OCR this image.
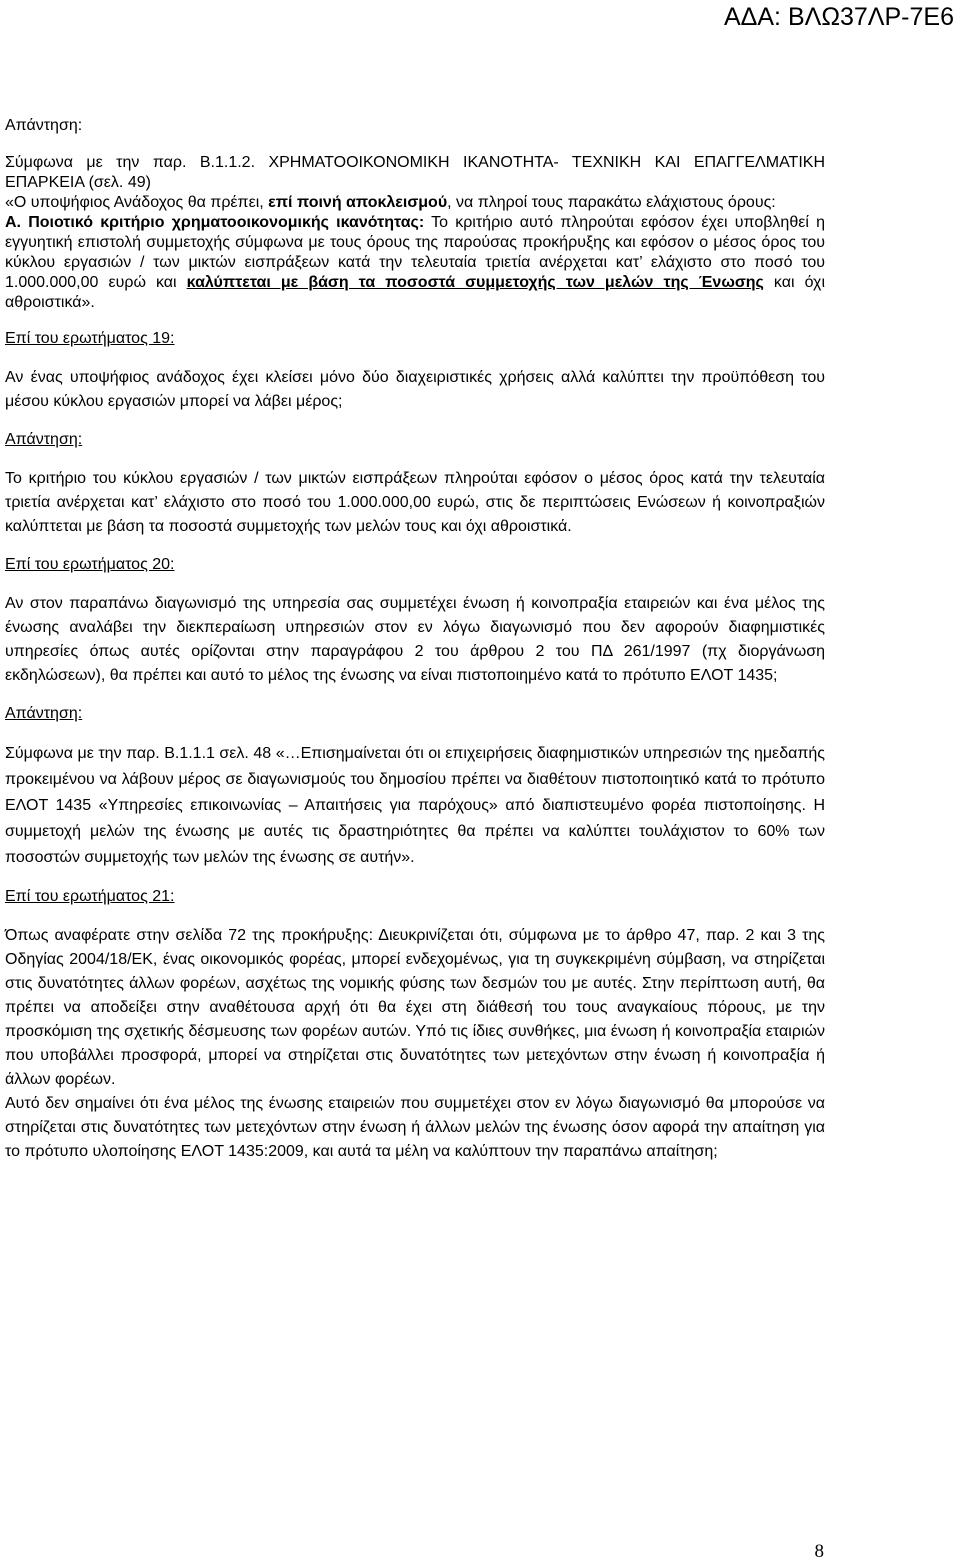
ΑΔΑ: ΒΛΩ37ΛΡ-7Ε6

Απάντηση:

Σύμφωνα με την παρ. Β.1.1.2. ΧΡΗΜΑΤΟΟΙΚΟΝΟΜΙΚΗ ΙΚΑΝΟΤΗΤΑ- ΤΕΧΝΙΚΗ ΚΑΙ ΕΠΑΓΓΕΛΜΑΤΙΚΗ ΕΠΑΡΚΕΙΑ (σελ. 49)

«Ο υποψήφιος Ανάδοχος θα πρέπει, επί ποινή αποκλεισμού, να πληροί τους παρακάτω ελάχιστους όρους:

Α. Ποιοτικό κριτήριο χρηματοοικονομικής ικανότητας: Το κριτήριο αυτό πληρούται εφόσον έχει υποβληθεί η εγγυητική επιστολή συμμετοχής σύμφωνα με τους όρους της παρούσας προκήρυξης και εφόσον ο μέσος όρος του κύκλου εργασιών / των μικτών εισπράξεων κατά την τελευταία τριετία ανέρχεται κατ’ ελάχιστο στο ποσό του 1.000.000,00 ευρώ και καλύπτεται με βάση τα ποσοστά συμμετοχής των μελών της Ένωσης και όχι αθροιστικά».

Επί του ερωτήματος 19:

Αν ένας υποψήφιος ανάδοχος έχει κλείσει μόνο δύο διαχειριστικές χρήσεις αλλά καλύπτει την προϋπόθεση του μέσου κύκλου εργασιών μπορεί να λάβει μέρος;

Απάντηση:

Το κριτήριο του κύκλου εργασιών / των μικτών εισπράξεων πληρούται εφόσον ο μέσος όρος κατά την τελευταία τριετία ανέρχεται κατ’ ελάχιστο στο ποσό του 1.000.000,00 ευρώ, στις δε περιπτώσεις Ενώσεων ή κοινοπραξιών καλύπτεται με βάση τα ποσοστά συμμετοχής των μελών τους και όχι αθροιστικά.

Επί του ερωτήματος 20:

Αν στον παραπάνω διαγωνισμό της υπηρεσία σας συμμετέχει ένωση ή κοινοπραξία εταιρειών και ένα μέλος της ένωσης αναλάβει την διεκπεραίωση υπηρεσιών στον εν λόγω διαγωνισμό που δεν αφορούν διαφημιστικές υπηρεσίες όπως αυτές ορίζονται στην παραγράφου 2 του άρθρου 2 του ΠΔ 261/1997 (πχ διοργάνωση εκδηλώσεων), θα πρέπει και αυτό το μέλος της ένωσης να είναι πιστοποιημένο κατά το πρότυπο ΕΛΟΤ 1435;

Απάντηση:

Σύμφωνα με την παρ. Β.1.1.1 σελ. 48 «…Επισημαίνεται ότι οι επιχειρήσεις διαφημιστικών υπηρεσιών της ημεδαπής προκειμένου να λάβουν μέρος σε διαγωνισμούς του δημοσίου πρέπει να διαθέτουν πιστοποιητικό κατά το πρότυπο ΕΛΟΤ 1435 «Υπηρεσίες επικοινωνίας – Απαιτήσεις για παρόχους» από διαπιστευμένο φορέα πιστοποίησης. Η συμμετοχή μελών της ένωσης με αυτές τις δραστηριότητες θα πρέπει να καλύπτει τουλάχιστον το 60% των ποσοστών συμμετοχής των μελών της ένωσης σε αυτήν».

Επί του ερωτήματος 21:

Όπως αναφέρατε στην σελίδα 72 της προκήρυξης: Διευκρινίζεται ότι, σύμφωνα με το άρθρο 47, παρ. 2 και 3 της Οδηγίας 2004/18/ΕΚ, ένας οικονομικός φορέας, μπορεί ενδεχομένως, για τη συγκεκριμένη σύμβαση, να στηρίζεται στις δυνατότητες άλλων φορέων, ασχέτως της νομικής φύσης των δεσμών του με αυτές. Στην περίπτωση αυτή, θα πρέπει να αποδείξει στην αναθέτουσα αρχή ότι θα έχει στη διάθεσή του τους αναγκαίους πόρους, με την προσκόμιση της σχετικής δέσμευσης των φορέων αυτών. Υπό τις ίδιες συνθήκες, μια ένωση ή κοινοπραξία εταιριών που υποβάλλει προσφορά, μπορεί να στηρίζεται στις δυνατότητες των μετεχόντων στην ένωση ή κοινοπραξία ή άλλων φορέων.

Αυτό δεν σημαίνει ότι ένα μέλος της ένωσης εταιρειών που συμμετέχει στον εν λόγω διαγωνισμό θα μπορούσε να στηρίζεται στις δυνατότητες των μετεχόντων στην ένωση ή άλλων μελών της ένωσης όσον αφορά την απαίτηση για το πρότυπο υλοποίησης ΕΛΟΤ 1435:2009, και αυτά τα μέλη να καλύπτουν την παραπάνω απαίτηση;

8
